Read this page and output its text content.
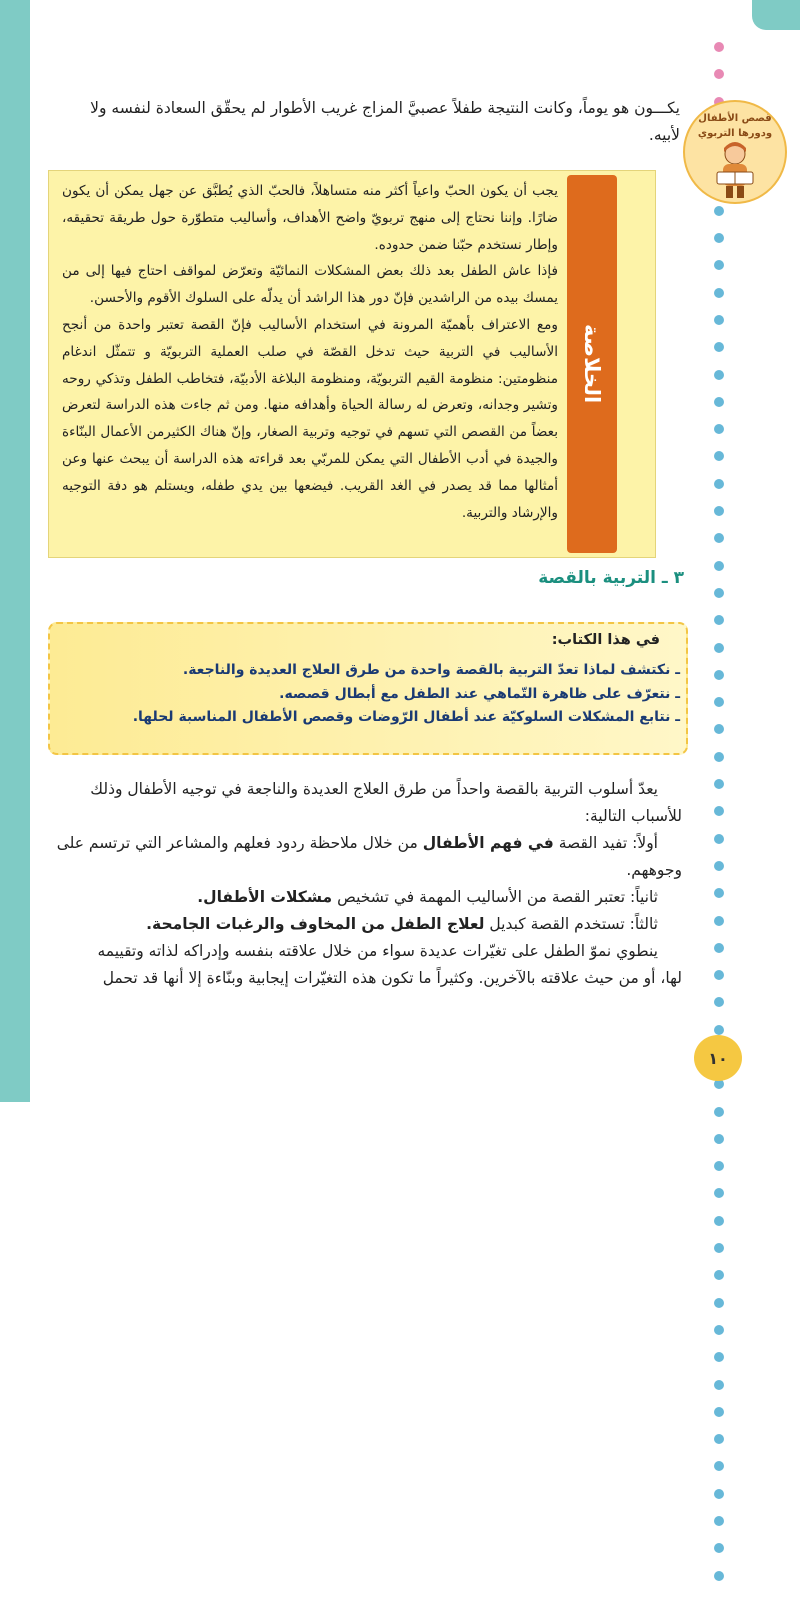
قصص الأطفال
ودورها التربوي

يكـــون هو يوماً، وكانت النتيجة طفلاً عصبيَّ المزاج غريب الأطوار لم يحقّق السعادة لنفسه ولا
لأبيه.

الخلاصة
يجب أن يكون الحبّ واعياً أكثر منه متساهلاً، فالحبّ الذي يُطبَّق عن جهل يمكن أن يكون ضارًا. وإننا نحتاج إلى منهج تربويّ واضح الأهداف، وأساليب متطوّرة حول طريقة تحقيقه، وإطار نستخدم حبّنا ضمن حدوده.
فإذا عاش الطفل بعد ذلك بعض المشكلات النمائيّة وتعرّض لمواقف احتاج فيها إلى من يمسك بيده من الراشدين فإنّ دور هذا الراشد أن يدلّه على السلوك الأقوم والأحسن.
ومع الاعتراف بأهميّة المرونة في استخدام الأساليب فإنّ القصة تعتبر واحدة من أنجح الأساليب في التربية حيث تدخل القصّة في صلب العملية التربويّة و تتمثّل اندغام منظومتين: منظومة القيم التربويّة، ومنظومة البلاغة الأدبيّة، فتخاطب الطفل وتذكي روحه وتشير وجدانه، وتعرض له رسالة الحياة وأهدافه منها. ومن ثم جاءت هذه الدراسة لتعرض بعضاً من القصص التي تسهم في توجيه وتربية الصغار، وإنّ هناك الكثيرمن الأعمال البنّاءة والجيدة في أدب الأطفال التي يمكن للمربّي بعد قراءته هذه الدراسة أن يبحث عنها وعن أمثالها مما قد يصدر في الغد القريب. فيضعها بين يدي طفله، ويستلم هو دفة التوجيه والإرشاد والتربية.
٣ ـ التربية بالقصة

في هذا الكتاب:

ـ نكتشف لماذا تعدّ التربية بالقصة واحدة من طرق العلاج العديدة والناجعة.
ـ نتعرّف على ظاهرة التّماهي عند الطفل مع أبطال قصصه.
ـ نتابع المشكلات السلوكيّة عند أطفال الرّوضات وقصص الأطفال المناسبة لحلها.
يعدّ أسلوب التربية بالقصة واحداً من طرق العلاج العديدة والناجعة في توجيه الأطفال وذلك
للأسباب التالية:

أولاً: تفيد القصة في فهم الأطفال من خلال ملاحظة ردود فعلهم والمشاعر التي ترتسم على
وجوههم.

ثانياً: تعتبر القصة من الأساليب المهمة في تشخيص مشكلات الأطفال.
ثالثاً: تستخدم القصة كبديل لعلاج الطفل من المخاوف والرغبات الجامحة.
ينطوي نموّ الطفل على تغيّرات عديدة سواء من خلال علاقته بنفسه وإدراكه لذاته وتقييمه
لها، أو من حيث علاقته بالآخرين. وكثيراً ما تكون هذه التغيّرات إيجابية وبنّاءة إلا أنها قد تحمل
١٠
